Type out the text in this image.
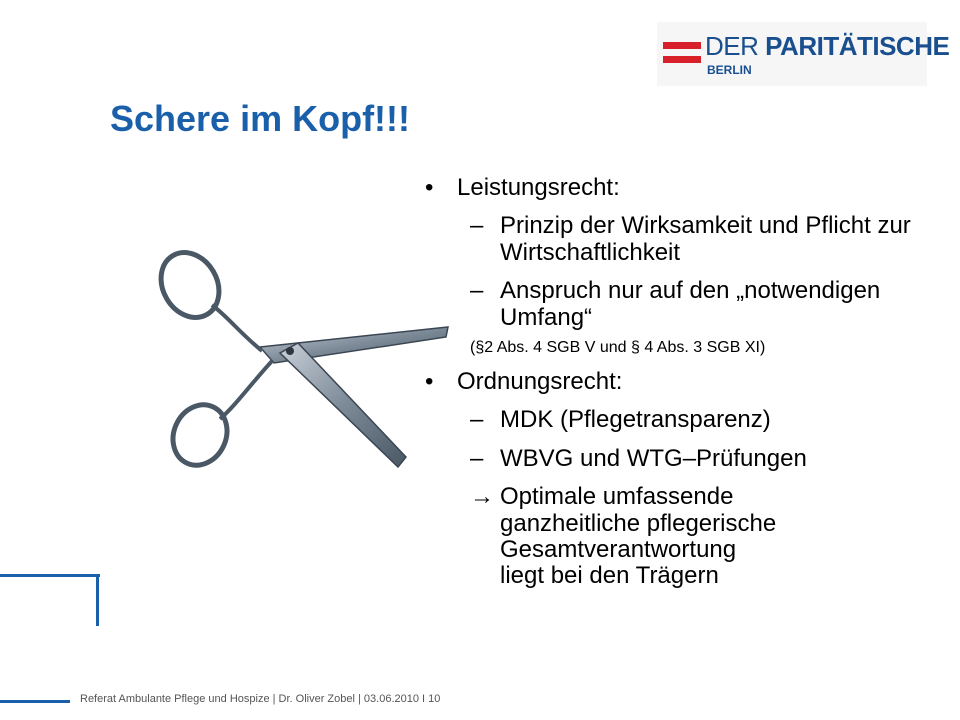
DER PARITÄTISCHE
BERLIN
Schere im Kopf!!!
• Leistungsrecht:
– Prinzip der Wirksamkeit und Pflicht zur Wirtschaftlichkeit
– Anspruch nur auf den „notwendigen Umfang“
(§2 Abs. 4 SGB V und § 4 Abs. 3 SGB XI)
• Ordnungsrecht:
– MDK (Pflegetransparenz)
– WBVG und WTG–Prüfungen
→ Optimale umfassende
ganzheitliche pflegerische
Gesamtverantwortung
liegt bei den Trägern
Referat Ambulante Pflege und Hospize | Dr. Oliver Zobel | 03.06.2010 I 10
